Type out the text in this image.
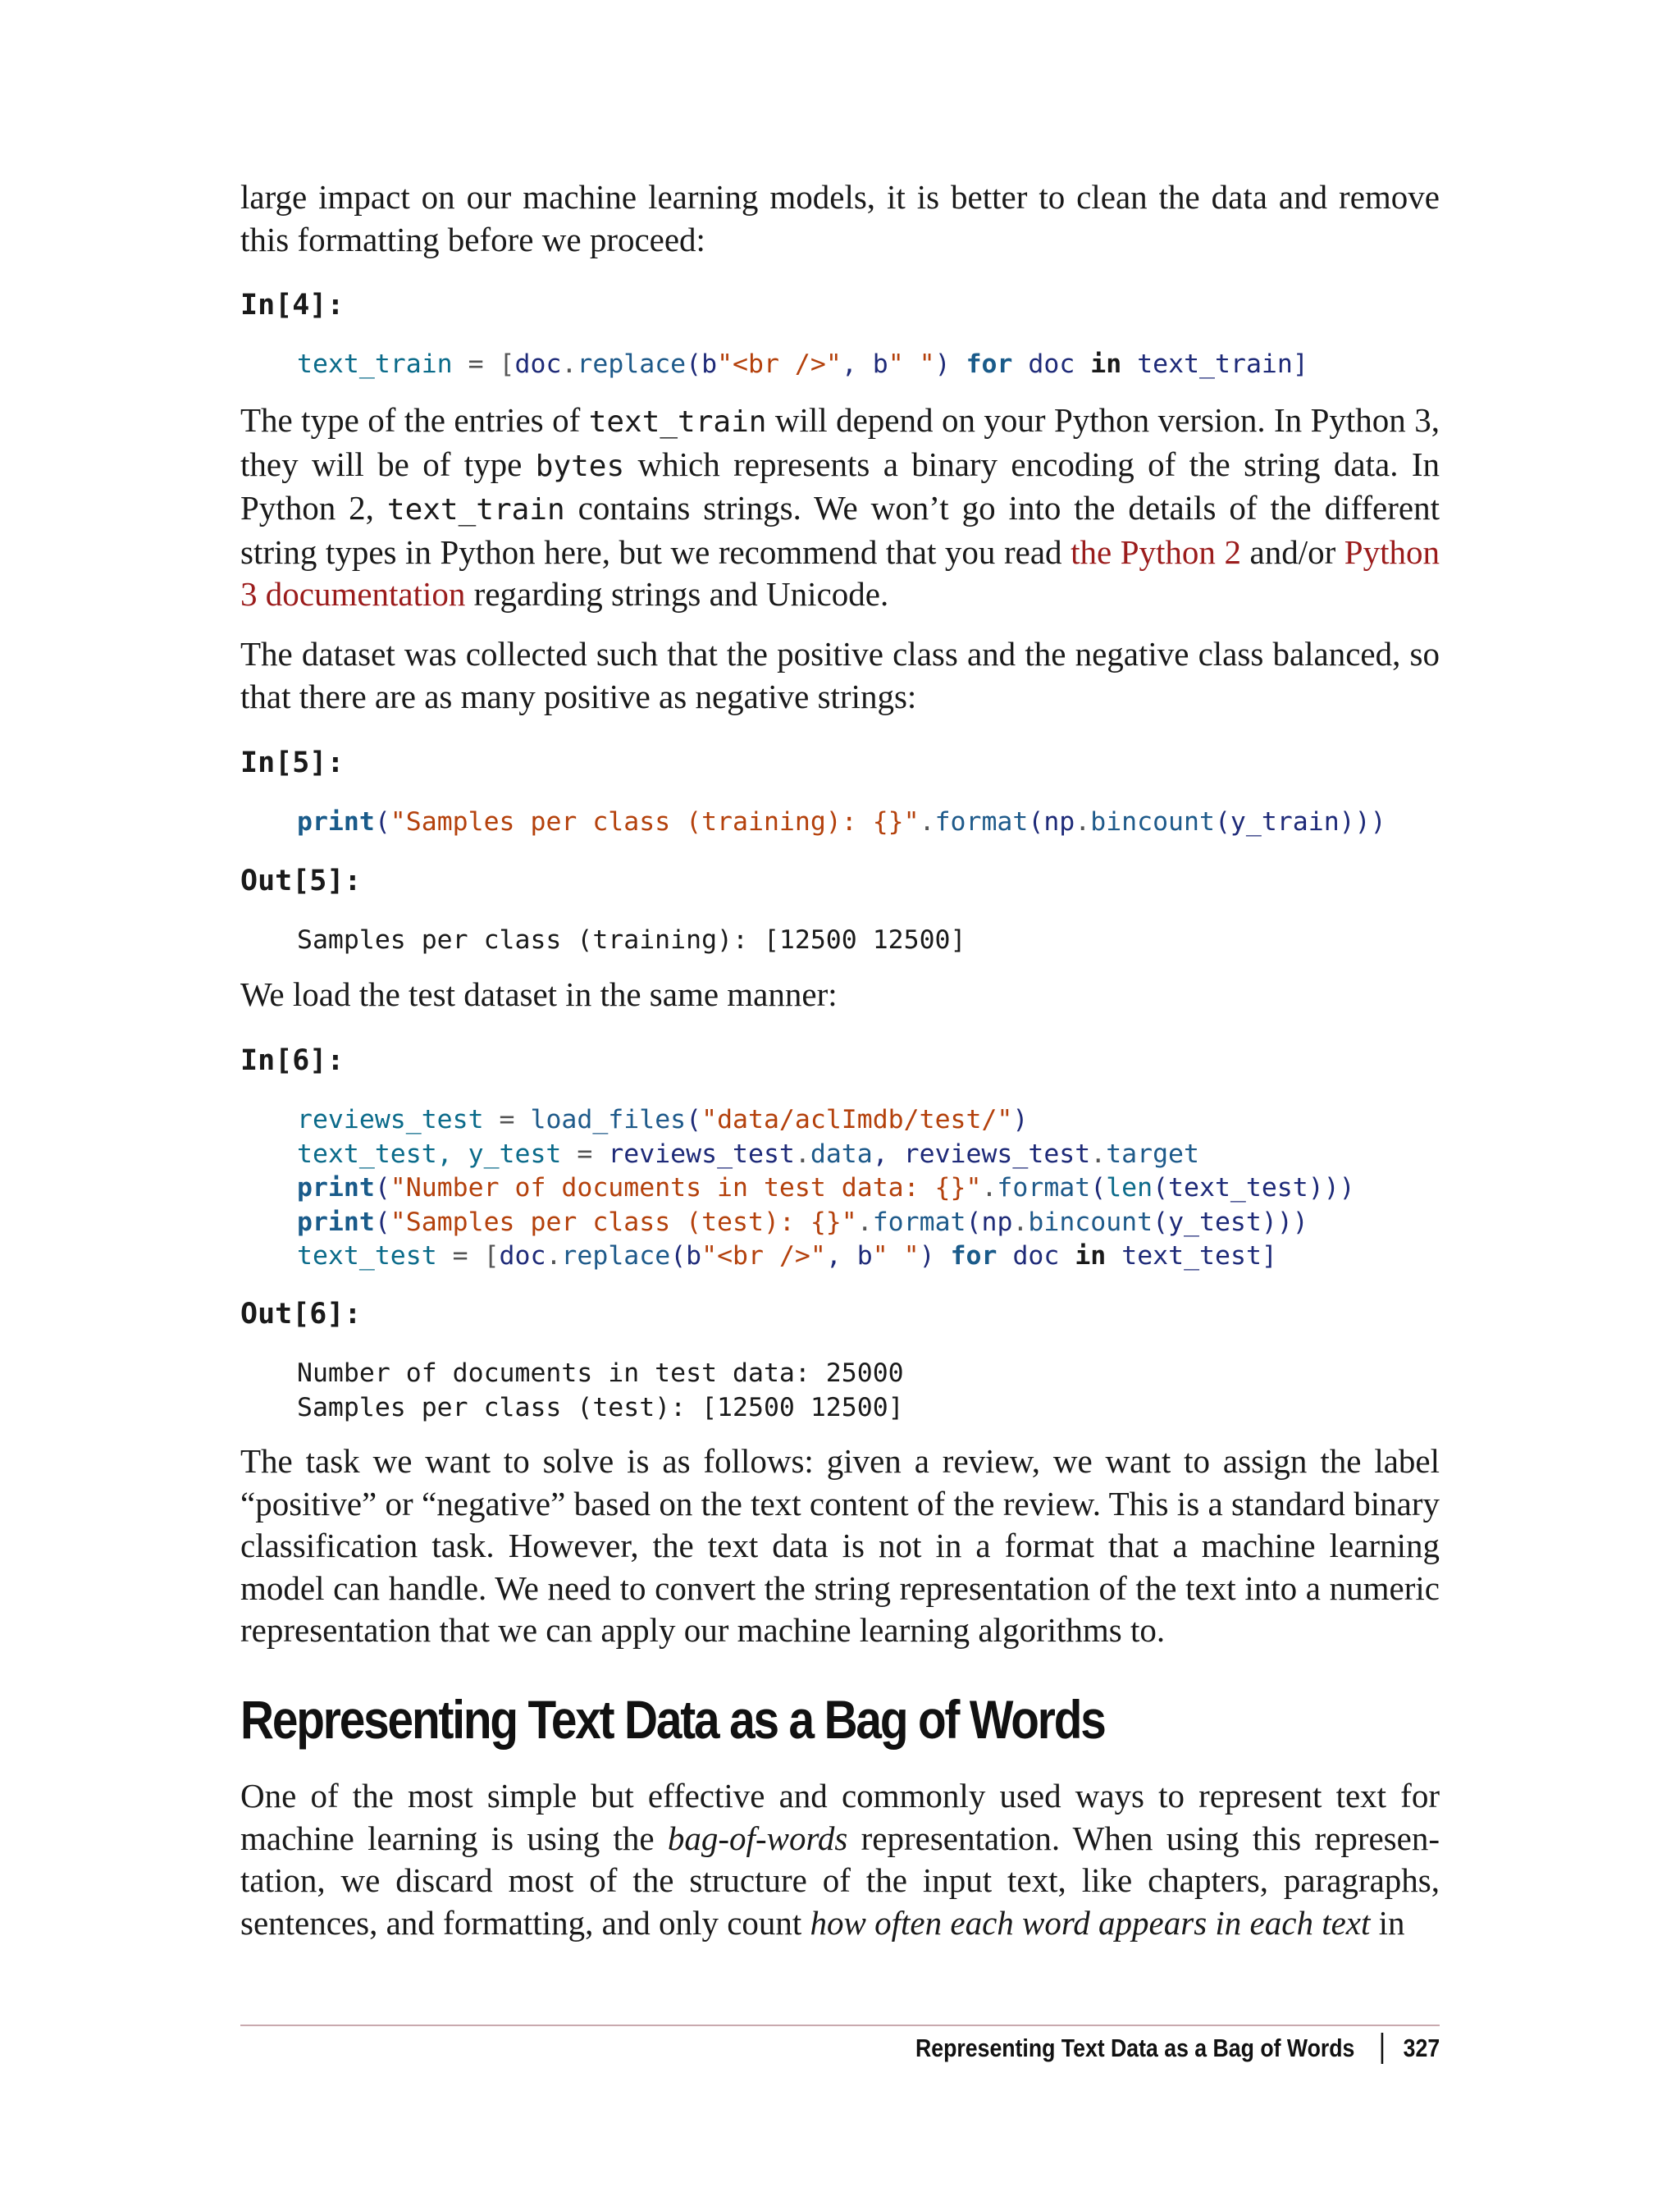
large impact on our machine learning models, it is better to clean the data and remove this formatting before we proceed:

In[4]:

text_train = [doc.replace(b"<br />", b" ") for doc in text_train]

The type of the entries of text_train will depend on your Python version. In Python 3, they will be of type bytes which represents a binary encoding of the string data. In Python 2, text_train contains strings. We won’t go into the details of the different string types in Python here, but we recommend that you read the Python 2 and/or Python 3 documentation regarding strings and Unicode.

The dataset was collected such that the positive class and the negative class balanced, so that there are as many positive as negative strings:

In[5]:

print("Samples per class (training): {}".format(np.bincount(y_train)))

Out[5]:

Samples per class (training): [12500 12500]

We load the test dataset in the same manner:

In[6]:

reviews_test = load_files("data/aclImdb/test/")
text_test, y_test = reviews_test.data, reviews_test.target
print("Number of documents in test data: {}".format(len(text_test)))
print("Samples per class (test): {}".format(np.bincount(y_test)))
text_test = [doc.replace(b"<br />", b" ") for doc in text_test]

Out[6]:

Number of documents in test data: 25000
Samples per class (test): [12500 12500]

The task we want to solve is as follows: given a review, we want to assign the label “positive” or “negative” based on the text content of the review. This is a standard binary classification task. However, the text data is not in a format that a machine learning model can handle. We need to convert the string representation of the text into a numeric representation that we can apply our machine learning algorithms to.

Representing Text Data as a Bag of Words

One of the most simple but effective and commonly used ways to represent text for machine learning is using the bag-of-words representation. When using this representation, we discard most of the structure of the input text, like chapters, paragraphs, sentences, and formatting, and only count how often each word appears in each text in

Representing Text Data as a Bag of Words 327
